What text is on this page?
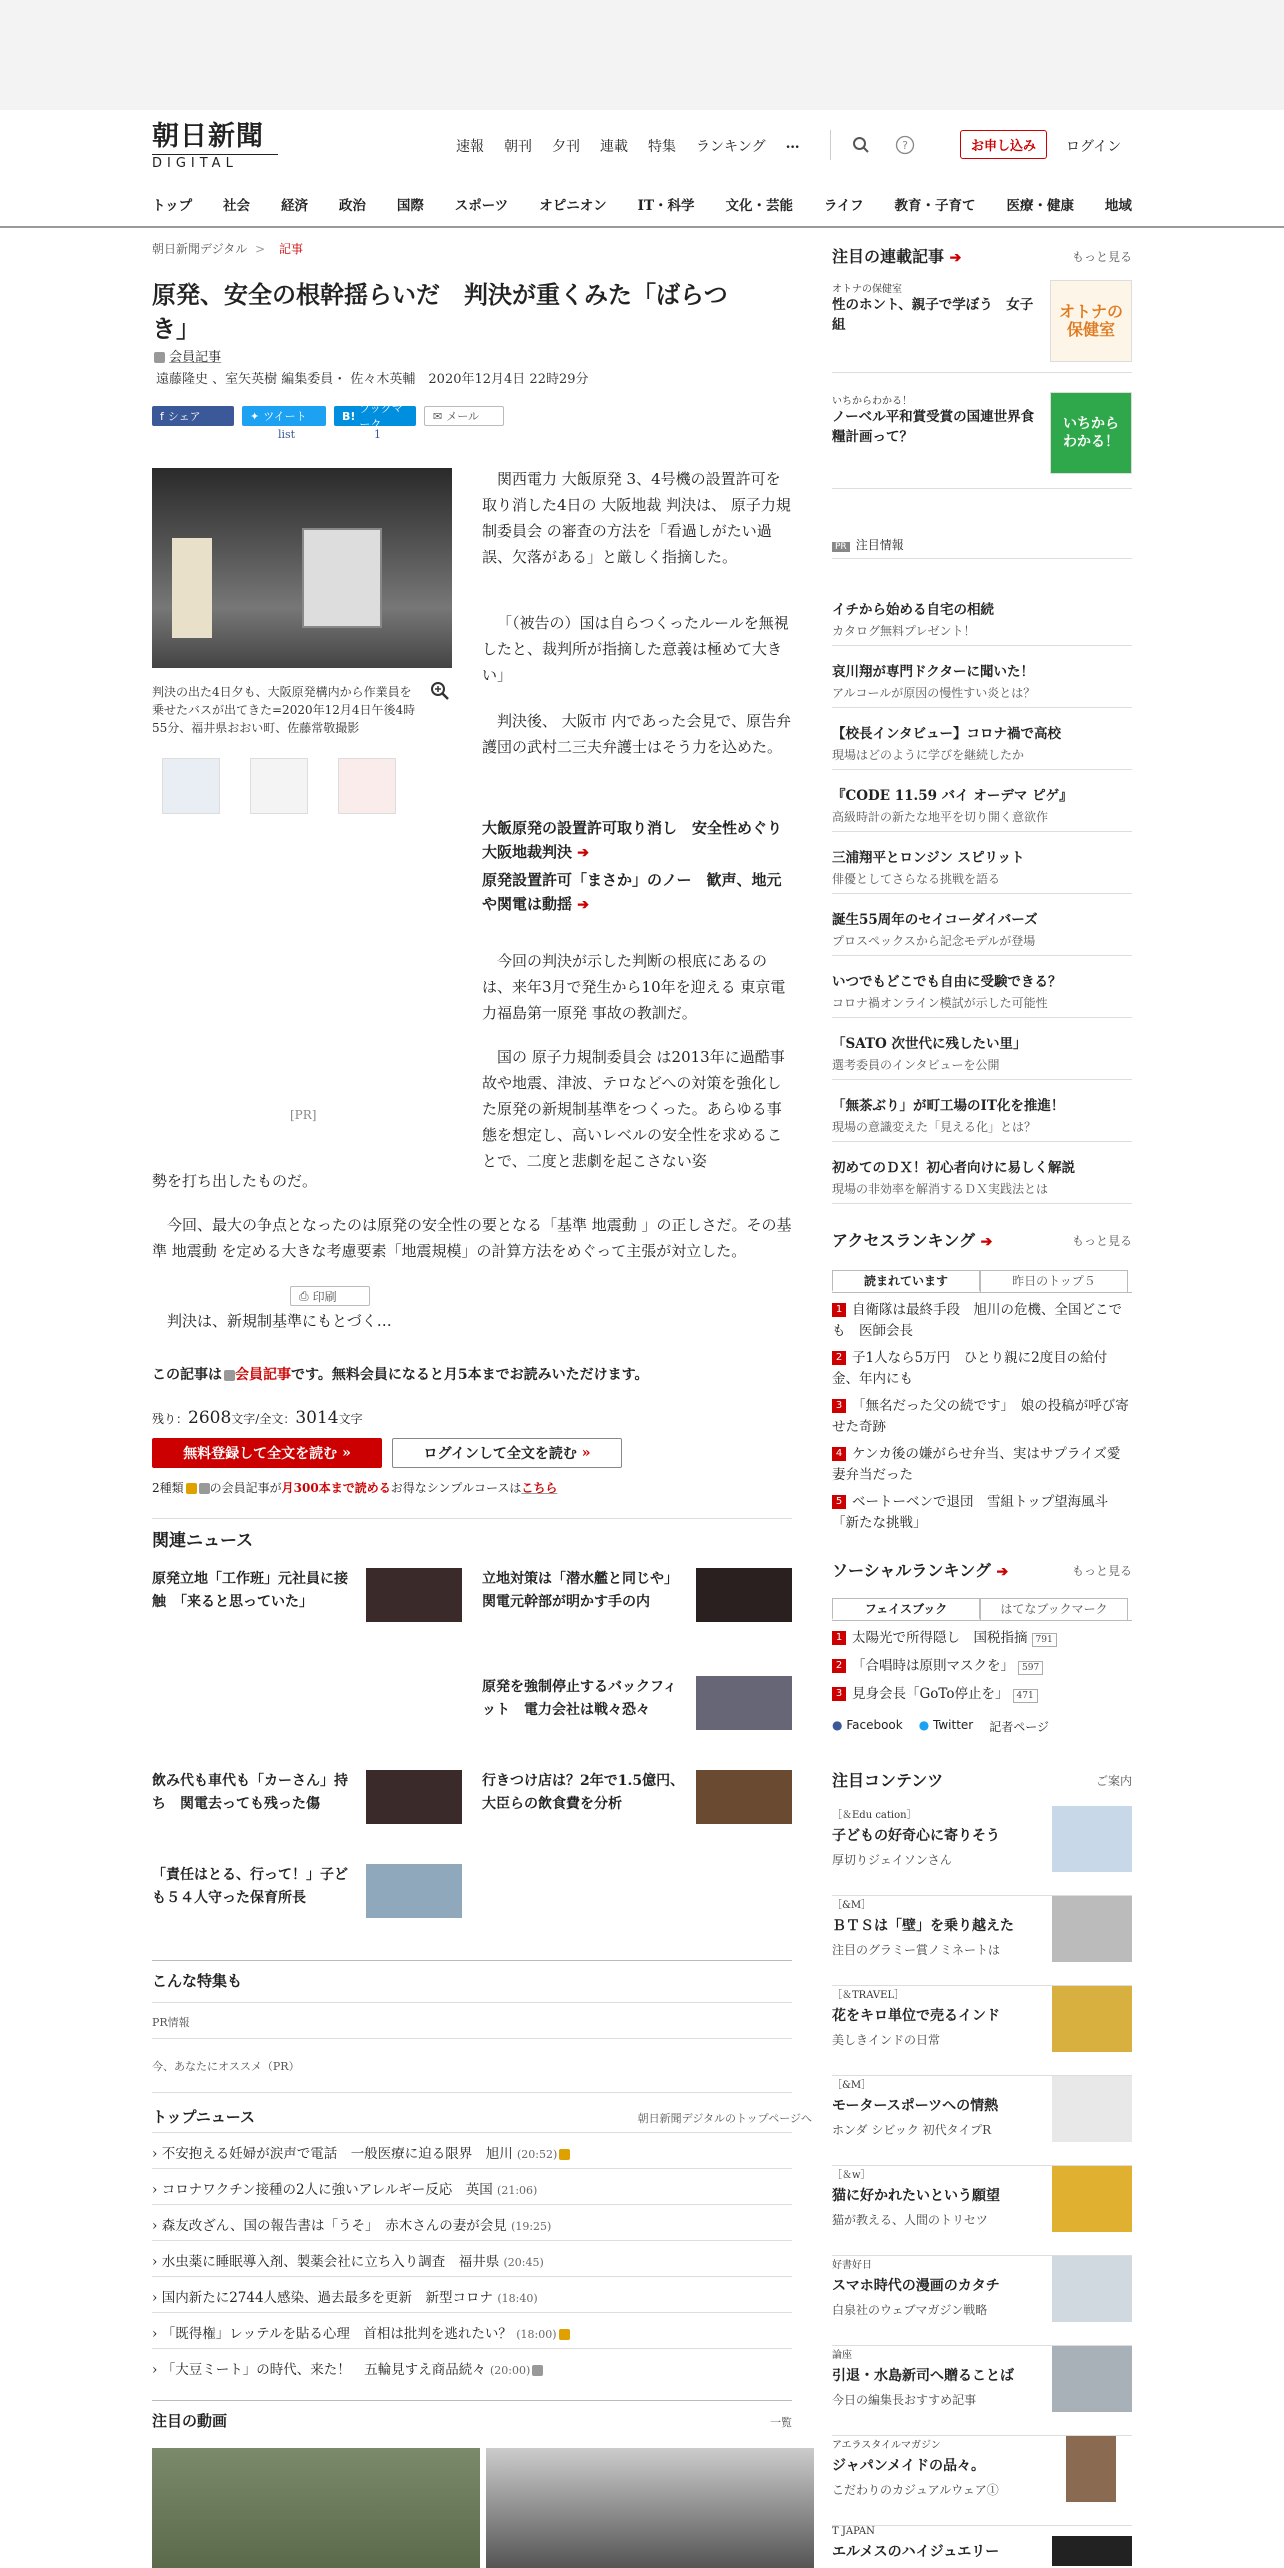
朝日新聞
DIGITAL
速報 朝刊 夕刊 連載 特集 ランキング …	?	お申し込み	ログイン
トップ 社会 経済 政治 国際 スポーツ オピニオン IT・科学 文化・芸能 ライフ 教育・子育て 医療・健康 地域
朝日新聞デジタル > 記事
原発、安全の根幹揺らいだ　判決が重くみた「ばらつき」
会員記事
遠藤隆史 、室矢英樹 編集委員・ 佐々木英輔　2020年12月4日 22時29分
f シェア	✦ ツイート	B!
ブックマーク
✉ メール
⎙ 印刷
list	1
判決の出た4日夕も、大阪原発構内から作業員を乗せたバスが出てきた=2020年12月4日午後4時55分、福井県おおい町、佐藤常敬撮影

関西電力 大飯原発 3、4号機の設置許可を取り消した4日の 大阪地裁 判決は、 原子力規制委員会 の審査の方法を「看過しがたい過誤、欠落がある」と厳しく指摘した。

「（被告の）国は自らつくったルールを無視したと、裁判所が指摘した意義は極めて大きい」

判決後、 大阪市 内であった会見で、原告弁護団の武村二三夫弁護士はそう力を込めた。

大飯原発の設置許可取り消し　安全性めぐり大阪地裁判決 ➔
原発設置許可「まさか」のノー　歓声、地元や関電は動揺 ➔

今回の判決が示した判断の根底にあるのは、来年3月で発生から10年を迎える 東京電力福島第一原発 事故の教訓だ。

国の 原子力規制委員会 は2013年に過酷事故や地震、津波、テロなどへの対策を強化した原発の新規制基準をつくった。あらゆる事態を想定し、高いレベルの安全性を求めることで、二度と悲劇を起こさない姿

[PR]

勢を打ち出したものだ。

今回、最大の争点となったのは原発の安全性の要となる「基準 地震動 」の正しさだ。その基準 地震動 を定める大きな考慮要素「地震規模」の計算方法をめぐって主張が対立した。

判決は、新規制基準にもとづく…

この記事は 会員記事です。無料会員になると月5本までお読みいただけます。
残り：2608文字/全文：3014文字
無料登録して全文を読む
»	ログインして全文を読む
»
2種類 の会員記事が月300本まで読めるお得なシンプルコースはこちら
関連ニュース
原発立地「工作班」元社員に接触　「来ると思っていた」
立地対策は「潜水艦と同じや」関電元幹部が明かす手の内
原発を強制停止するバックフィット　電力会社は戦々恐々
飲み代も車代も「カーさん」持ち　関電去っても残った傷
行きつけ店は？2年で1.5億円、大臣らの飲食費を分析
「責任はとる、行って！」子ども５４人守った保育所長
こんな特集も
PR情報
今、あなたにオススメ（PR）
トップニュース	朝日新聞デジタルのトップページへ
› 不安抱える妊婦が涙声で電話　一般医療に迫る限界　旭川 (20:52)
› コロナワクチン接種の2人に強いアレルギー反応　英国 (21:06)
› 森友改ざん、国の報告書は「うそ」　赤木さんの妻が会見 (19:25)
› 水虫薬に睡眠導入剤、製薬会社に立ち入り調査　福井県 (20:45)
› 国内新たに2744人感染、過去最多を更新　新型コロナ (18:40)
› 「既得権」レッテルを貼る心理　首相は批判を逃れたい？ (18:00)
› 「大豆ミート」の時代、来た！　五輪見すえ商品続々 (20:00)
注目の動画	一覧
注目の連載記事 ➔	もっと見る
オトナの保健室
性のホント、親子で学ぼう　女子組
オトナの保健室
いちからわかる！
ノーベル平和賞受賞の国連世界食糧計画って？
いちからわかる！
PR 注目情報
イチから始める自宅の相続
カタログ無料プレゼント！
哀川翔が専門ドクターに聞いた！
アルコールが原因の慢性すい炎とは？
【校長インタビュー】コロナ禍で高校
現場はどのように学びを継続したか
『CODE 11.59 バイ オーデマ ピゲ』
高級時計の新たな地平を切り開く意欲作
三浦翔平とロンジン スピリット
俳優としてさらなる挑戦を語る
誕生55周年のセイコーダイバーズ
プロスペックスから記念モデルが登場
いつでもどこでも自由に受験できる？
コロナ禍オンライン模試が示した可能性
「SATO 次世代に残したい里」
選考委員のインタビューを公開
「無茶ぶり」が町工場のIT化を推進！
現場の意識変えた「見える化」とは？
初めてのＤＸ！初心者向けに易しく解説
現場の非効率を解消するＤＸ実践法とは
アクセスランキング ➔	もっと見る
読まれています	昨日のトップ５
1 自衛隊は最終手段　旭川の危機、全国どこでも　医師会長
2 子1人なら5万円　ひとり親に2度目の給付金、年内にも
3 「無名だった父の続です」　娘の投稿が呼び寄せた奇跡
4 ケンカ後の嫌がらせ弁当、実はサプライズ愛妻弁当だった
5 ベートーベンで退団　雪組トップ望海風斗「新たな挑戦」
ソーシャルランキング ➔	もっと見る
フェイスブック	はてなブックマーク
1 太陽光で所得隠し　国税指摘 791
2 「合唱時は原則マスクを」 597
3 見身会長「GoTo停止を」 471
● Facebook ● Twitter 記者ページ
注目コンテンツ	ご案内
［＆Edu cation］
子どもの好奇心に寄りそう
厚切りジェイソンさん
［&M］
ＢＴＳは「壁」を乗り越えた
注目のグラミー賞ノミネートは
［＆TRAVEL］
花をキロ単位で売るインド
美しきインドの日常
［&M］
モータースポーツへの情熱
ホンダ シビック 初代タイプR
［＆w］
猫に好かれたいという願望
猫が教える、人間のトリセツ
好書好日
スマホ時代の漫画のカタチ
白泉社のウェブマガジン戦略
論座
引退・水島新司へ贈ることば
今日の編集長おすすめ記事
アエラスタイルマガジン
ジャパンメイドの品々。
こだわりのカジュアルウェア①
T JAPAN
エルメスのハイジュエリー
